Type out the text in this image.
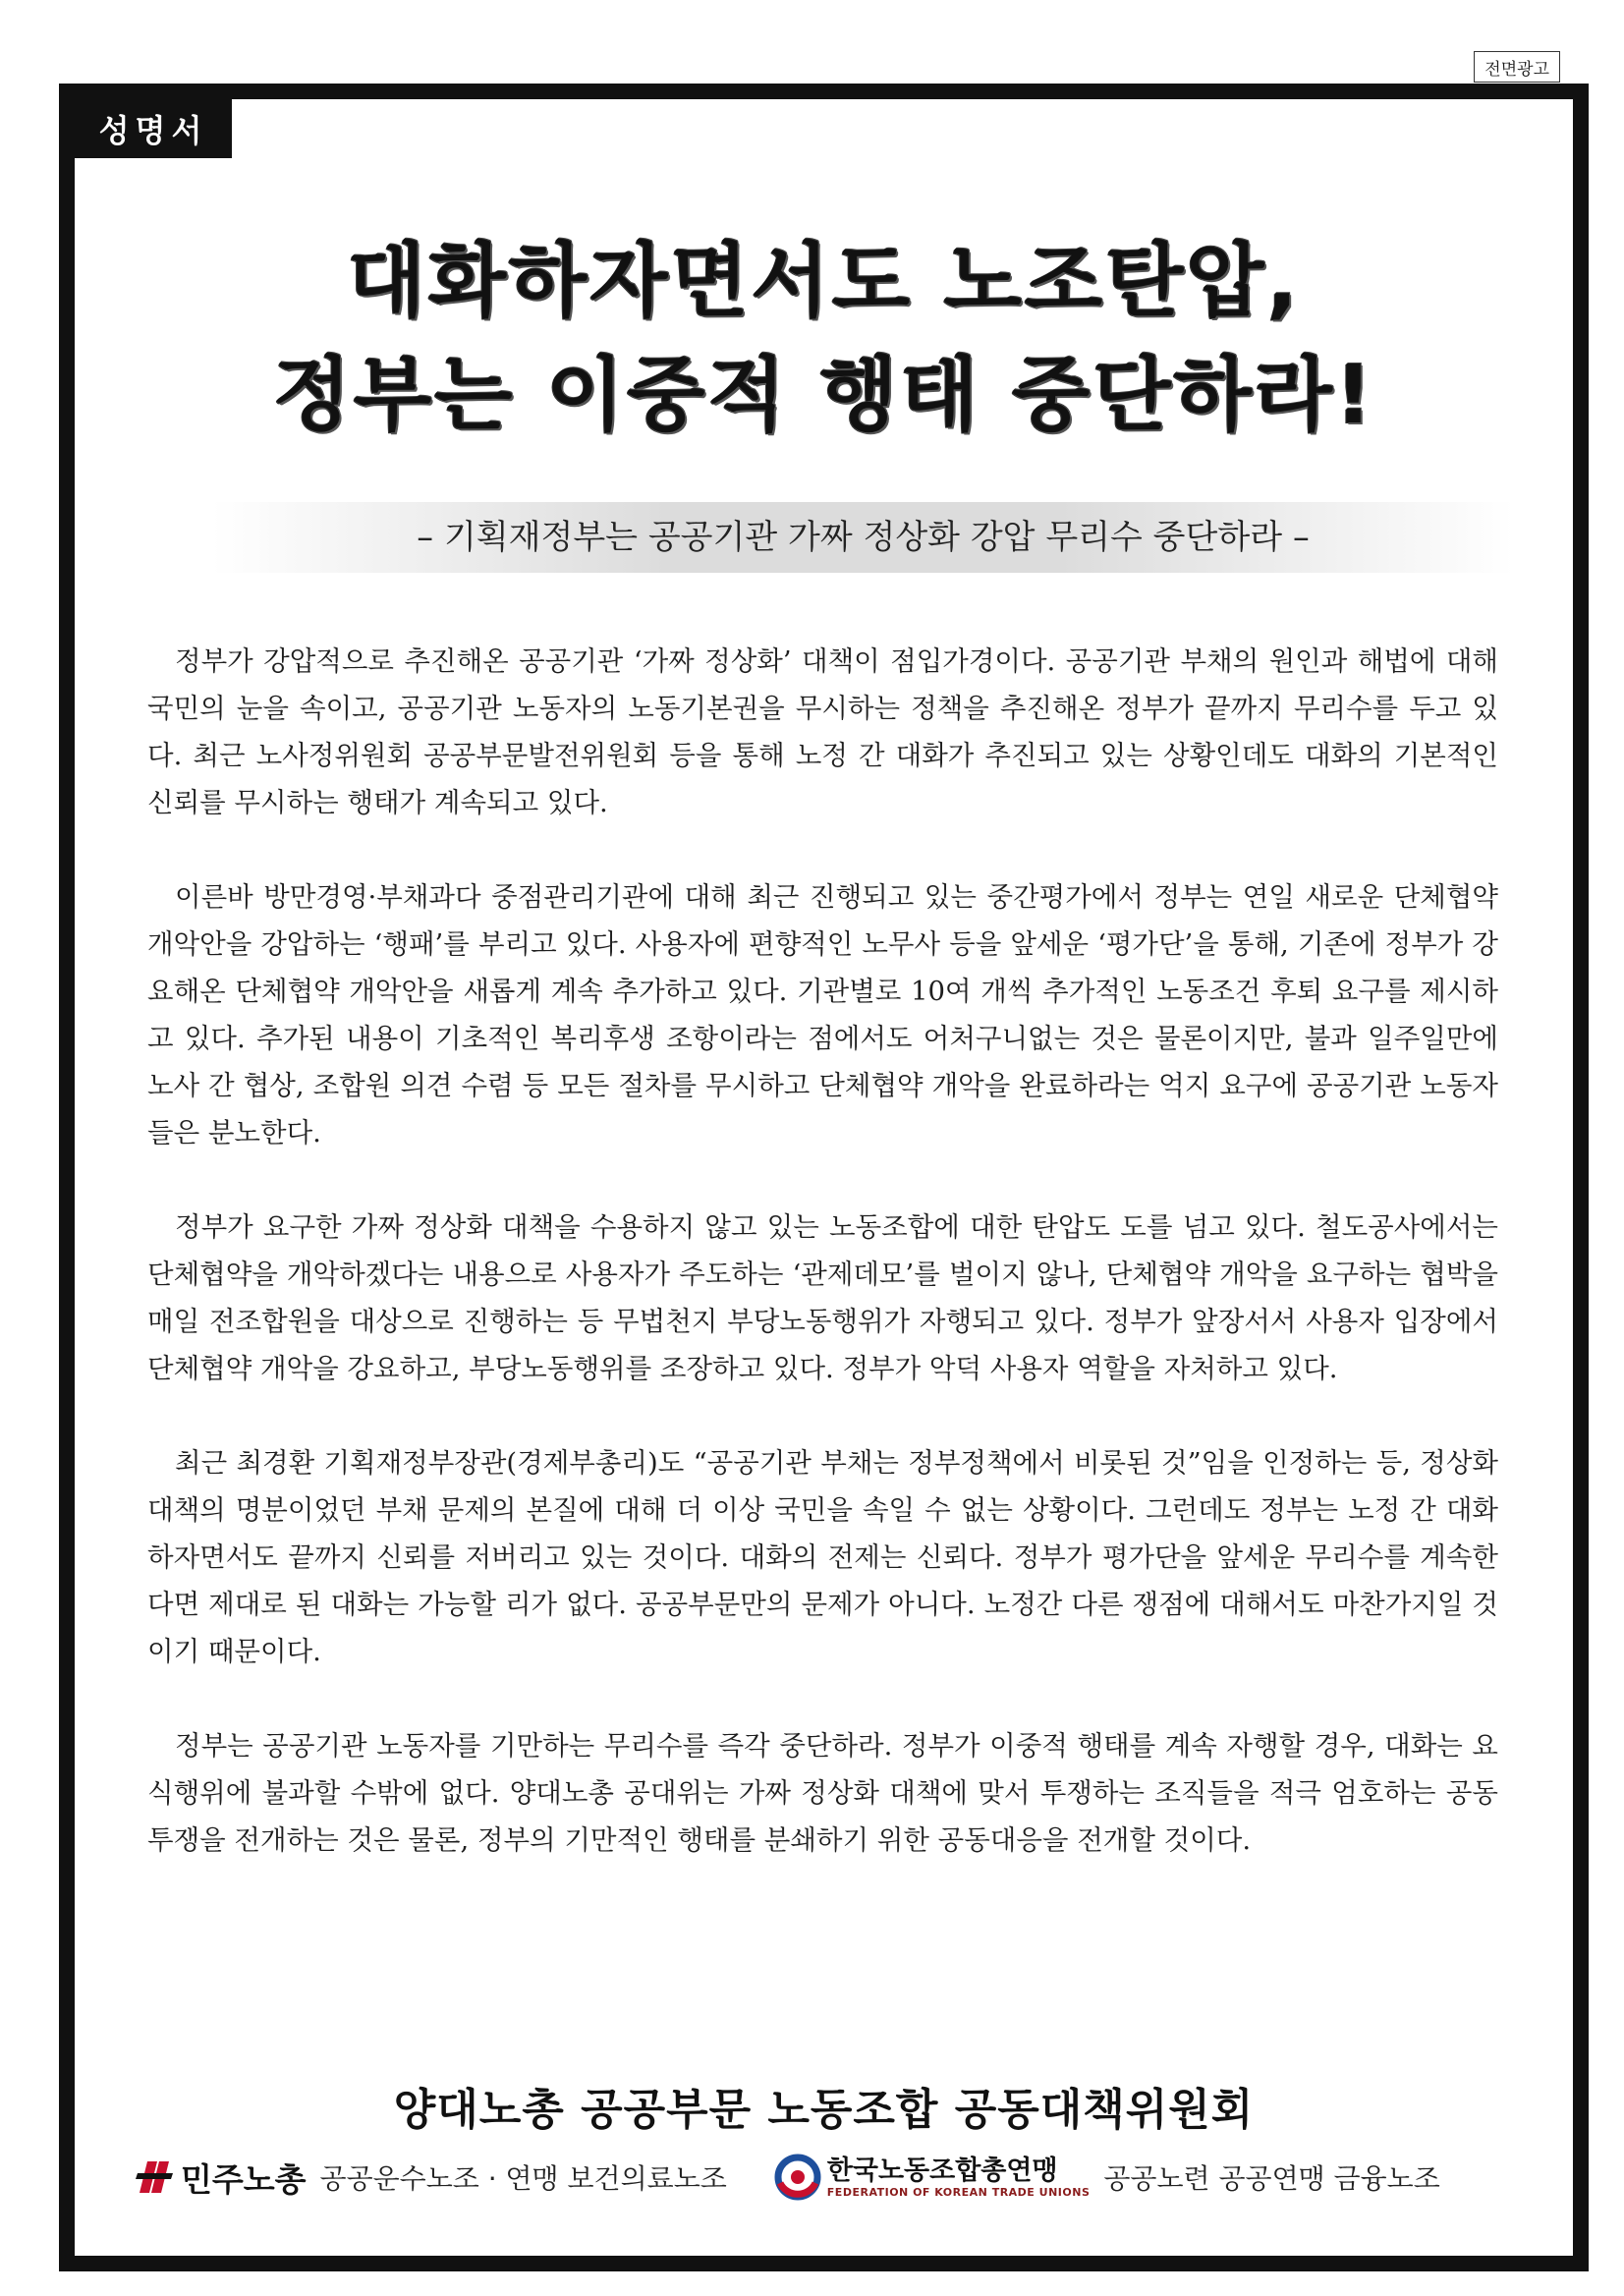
전면광고
성명서
대화하자면서도 노조탄압,
정부는 이중적 행태 중단하라!
– 기획재정부는 공공기관 가짜 정상화 강압 무리수 중단하라 –

정부가 강압적으로 추진해온 공공기관 ‘가짜 정상화’ 대책이 점입가경이다. 공공기관 부채의 원인과 해법에 대해 국민의 눈을 속이고, 공공기관 노동자의 노동기본권을 무시하는 정책을 추진해온 정부가 끝까지 무리수를 두고 있다. 최근 노사정위원회 공공부문발전위원회 등을 통해 노정 간 대화가 추진되고 있는 상황인데도 대화의 기본적인 신뢰를 무시하는 행태가 계속되고 있다.

이른바 방만경영·부채과다 중점관리기관에 대해 최근 진행되고 있는 중간평가에서 정부는 연일 새로운 단체협약 개악안을 강압하는 ‘행패’를 부리고 있다. 사용자에 편향적인 노무사 등을 앞세운 ‘평가단’을 통해, 기존에 정부가 강요해온 단체협약 개악안을 새롭게 계속 추가하고 있다. 기관별로 10여 개씩 추가적인 노동조건 후퇴 요구를 제시하고 있다. 추가된 내용이 기초적인 복리후생 조항이라는 점에서도 어처구니없는 것은 물론이지만, 불과 일주일만에 노사 간 협상, 조합원 의견 수렴 등 모든 절차를 무시하고 단체협약 개악을 완료하라는 억지 요구에 공공기관 노동자들은 분노한다.

정부가 요구한 가짜 정상화 대책을 수용하지 않고 있는 노동조합에 대한 탄압도 도를 넘고 있다. 철도공사에서는 단체협약을 개악하겠다는 내용으로 사용자가 주도하는 ‘관제데모’를 벌이지 않나, 단체협약 개악을 요구하는 협박을 매일 전조합원을 대상으로 진행하는 등 무법천지 부당노동행위가 자행되고 있다. 정부가 앞장서서 사용자 입장에서 단체협약 개악을 강요하고, 부당노동행위를 조장하고 있다. 정부가 악덕 사용자 역할을 자처하고 있다.

최근 최경환 기획재정부장관(경제부총리)도 “공공기관 부채는 정부정책에서 비롯된 것”임을 인정하는 등, 정상화 대책의 명분이었던 부채 문제의 본질에 대해 더 이상 국민을 속일 수 없는 상황이다. 그런데도 정부는 노정 간 대화하자면서도 끝까지 신뢰를 저버리고 있는 것이다. 대화의 전제는 신뢰다. 정부가 평가단을 앞세운 무리수를 계속한다면 제대로 된 대화는 가능할 리가 없다. 공공부문만의 문제가 아니다. 노정간 다른 쟁점에 대해서도 마찬가지일 것이기 때문이다.

정부는 공공기관 노동자를 기만하는 무리수를 즉각 중단하라. 정부가 이중적 행태를 계속 자행할 경우, 대화는 요식행위에 불과할 수밖에 없다. 양대노총 공대위는 가짜 정상화 대책에 맞서 투쟁하는 조직들을 적극 엄호하는 공동투쟁을 전개하는 것은 물론, 정부의 기만적인 행태를 분쇄하기 위한 공동대응을 전개할 것이다.

양대노총 공공부문 노동조합 공동대책위원회
민주노총 공공운수노조 · 연맹 보건의료노조	한국노동조합총연맹
FEDERATION OF KOREAN TRADE UNIONS 공공노련 공공연맹 금융노조
